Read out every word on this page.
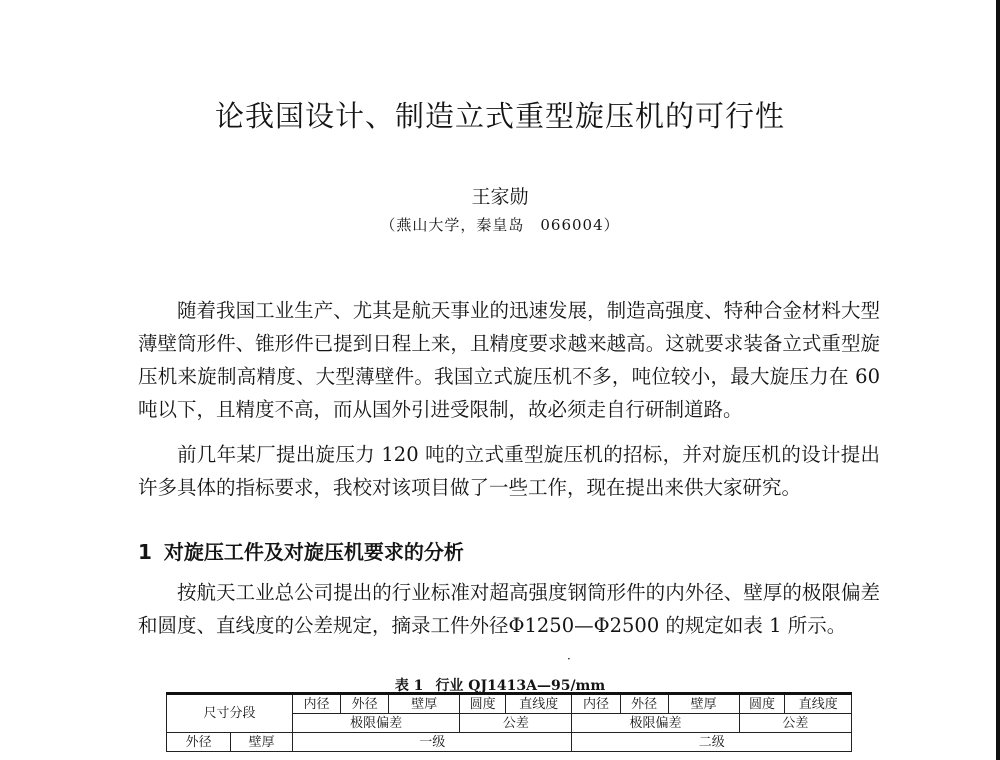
论我国设计、制造立式重型旋压机的可行性
王家勋
（燕山大学，秦皇岛　066004）

随着我国工业生产、尤其是航天事业的迅速发展，制造高强度、特种合金材料大型薄壁筒形件、锥形件已提到日程上来，且精度要求越来越高。这就要求装备立式重型旋压机来旋制高精度、大型薄壁件。我国立式旋压机不多，吨位较小，最大旋压力在 60 吨以下，且精度不高，而从国外引进受限制，故必须走自行研制道路。

前几年某厂提出旋压力 120 吨的立式重型旋压机的招标，并对旋压机的设计提出许多具体的指标要求，我校对该项目做了一些工作，现在提出来供大家研究。

1 对旋压工件及对旋压机要求的分析

按航天工业总公司提出的行业标准对超高强度钢筒形件的内外径、壁厚的极限偏差和圆度、直线度的公差规定，摘录工件外径Φ1250—Φ2500 的规定如表 1 所示。

·
表 1 行业 QJ1413A—95/mm
尺寸分段		内径	外径	壁厚	圆度	直线度	内径	外径	壁厚	圆度	直线度
		极限偏差			公差		极限偏差			公差	
外径	壁厚	一级					二级				
